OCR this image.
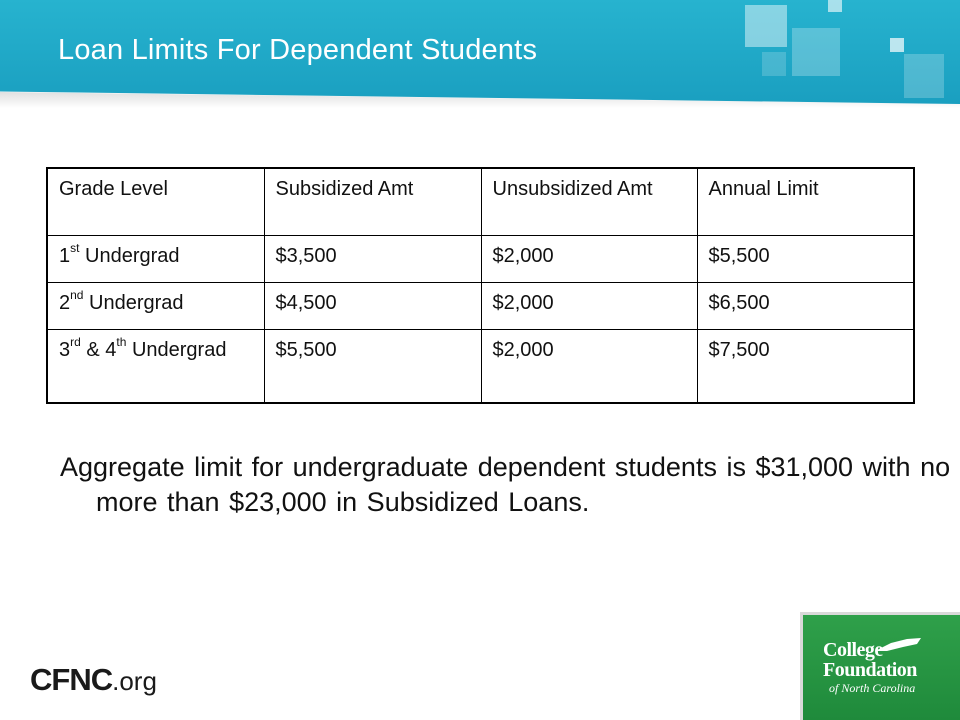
Loan Limits For Dependent Students
Grade Level	Subsidized Amt	Unsubsidized Amt	Annual Limit
1st Undergrad	$3,500	$2,000	$5,500
2nd Undergrad	$4,500	$2,000	$6,500
3rd & 4th Undergrad	$5,500	$2,000	$7,500
Aggregate limit for undergraduate dependent students is $31,000 with no more than $23,000 in Subsidized Loans.
CFNC.org
College
Foundation
of North Carolina
